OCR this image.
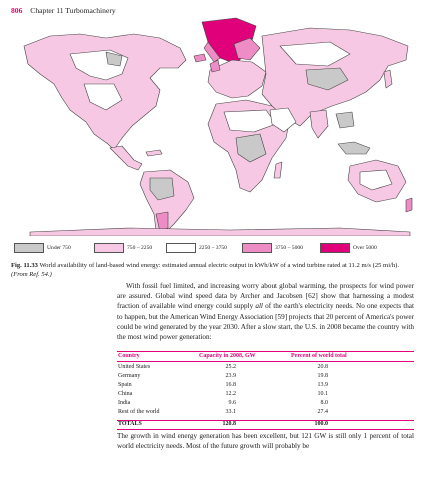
806 Chapter 11 Turbomachinery
Under 750	750 – 2250	2250 – 3750	3750 – 5000	Over 5000
Fig. 11.33 World availability of land-based wind energy: estimated annual electric output in kWh/kW of a wind turbine rated at 11.2 m/s (25 mi/h). (From Ref. 54.)

With fossil fuel limited, and increasing worry about global warming, the prospects for wind power are assured. Global wind speed data by Archer and Jacobsen [62] show that harnessing a modest fraction of available wind energy could supply all of the earth's electricity needs. No one expects that to happen, but the American Wind Energy Association [59] projects that 20 percent of America's power could be wind generated by the year 2030. After a slow start, the U.S. in 2008 became the country with the most wind power generation:

Country	Capacity in 2008, GW	Percent of world total
United States	25.2	20.8
Germany	23.9	19.8
Spain	16.8	13.9
China	12.2	10.1
India	9.6	8.0
Rest of the world	33.1	27.4
TOTALS	120.8	100.0

The growth in wind energy generation has been excellent, but 121 GW is still only 1 percent of total world electricity needs. Most of the future growth will probably be
